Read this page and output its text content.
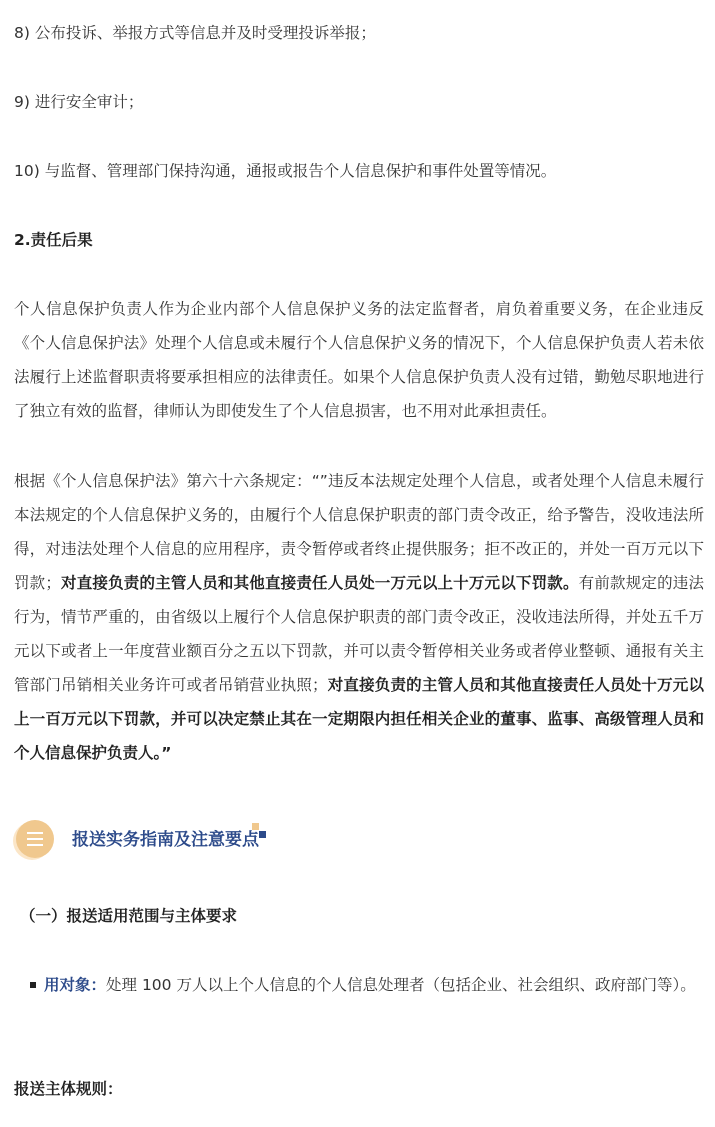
8) 公布投诉、举报方式等信息并及时受理投诉举报；

9) 进行安全审计；

10) 与监督、管理部门保持沟通，通报或报告个人信息保护和事件处置等情况。

2.责任后果

个人信息保护负责人作为企业内部个人信息保护义务的法定监督者，肩负着重要义务，在企业违反《个人信息保护法》处理个人信息或未履行个人信息保护义务的情况下，个人信息保护负责人若未依法履行上述监督职责将要承担相应的法律责任。如果个人信息保护负责人没有过错，勤勉尽职地进行了独立有效的监督，律师认为即使发生了个人信息损害，也不用对此承担责任。

根据《个人信息保护法》第六十六条规定：“”违反本法规定处理个人信息，或者处理个人信息未履行本法规定的个人信息保护义务的，由履行个人信息保护职责的部门责令改正，给予警告，没收违法所得，对违法处理个人信息的应用程序，责令暂停或者终止提供服务；拒不改正的，并处一百万元以下罚款；对直接负责的主管人员和其他直接责任人员处一万元以上十万元以下罚款。有前款规定的违法行为，情节严重的，由省级以上履行个人信息保护职责的部门责令改正，没收违法所得，并处五千万元以下或者上一年度营业额百分之五以下罚款，并可以责令暂停相关业务或者停业整顿、通报有关主管部门吊销相关业务许可或者吊销营业执照；对直接负责的主管人员和其他直接责任人员处十万元以上一百万元以下罚款，并可以决定禁止其在一定期限内担任相关企业的董事、监事、高级管理人员和个人信息保护负责人。”

报送实务指南及注意要点

（一）报送适用范围与主体要求

用对象：处理 100 万人以上个人信息的个人信息处理者（包括企业、社会组织、政府部门等）。

报送主体规则：
